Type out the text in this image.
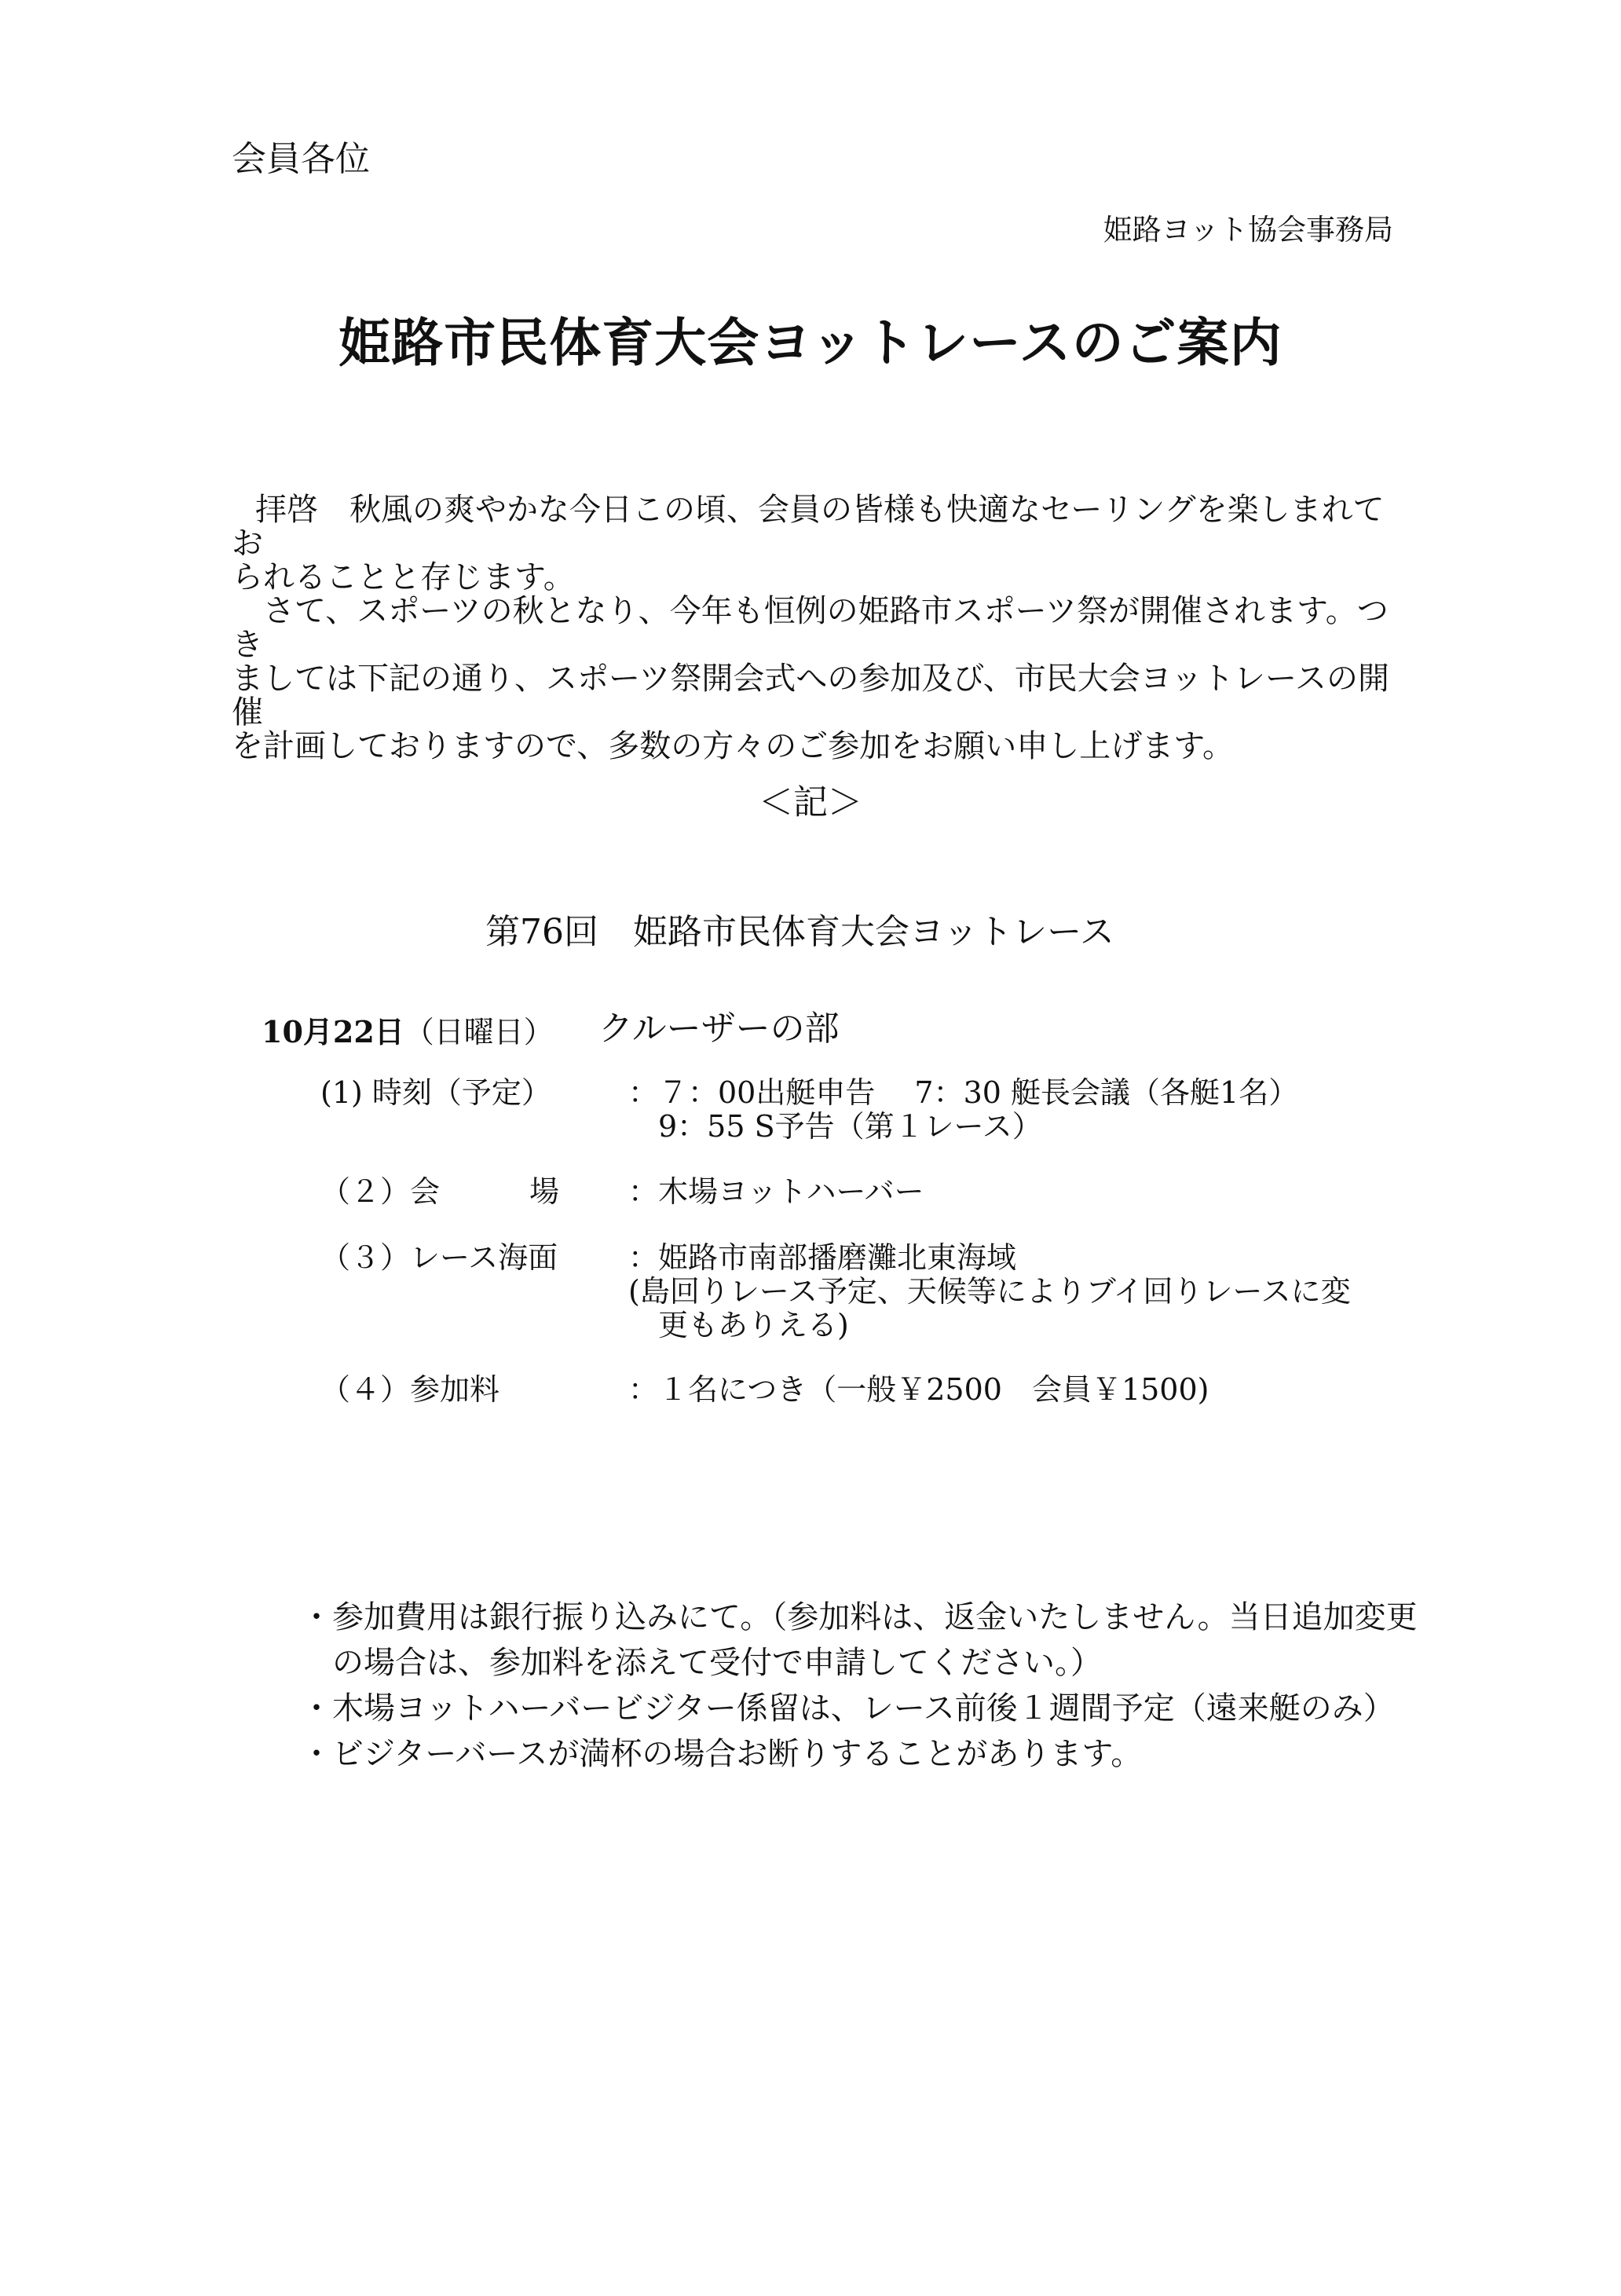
会員各位
姫路ヨット協会事務局
姫路市民体育大会ヨットレースのご案内

拝啓　秋風の爽やかな今日この頃、会員の皆様も快適なセーリングを楽しまれてお

られることと存じます。

さて、スポーツの秋となり、今年も恒例の姫路市スポーツ祭が開催されます。つき

ましては下記の通り、スポーツ祭開会式への参加及び、市民大会ヨットレースの開催

を計画しておりますので、多数の方々のご参加をお願い申し上げます。

＜記＞
第76回　姫路市民体育大会ヨットレース
10月22日（日曜日） クルーザーの部
(1) 時刻（予定）	：７：00出艇申告　 7：30 艇長会議（各艇1名）
　9：55 S予告（第１レース）
（２）会　　　場 ：木場ヨットハーバー
（３）レース海面 ：姫路市南部播磨灘北東海域
(島回りレース予定、天候等によりブイ回りレースに変
　更もありえる)
（４）参加料	：１名につき（一般￥2500　会員￥1500)
・参加費用は銀行振り込みにて。（参加料は、返金いたしません。当日追加変更
　の場合は、参加料を添えて受付で申請してください。）
・木場ヨットハーバービジター係留は、レース前後１週間予定（遠来艇のみ）
・ビジターバースが満杯の場合お断りすることがあります。
